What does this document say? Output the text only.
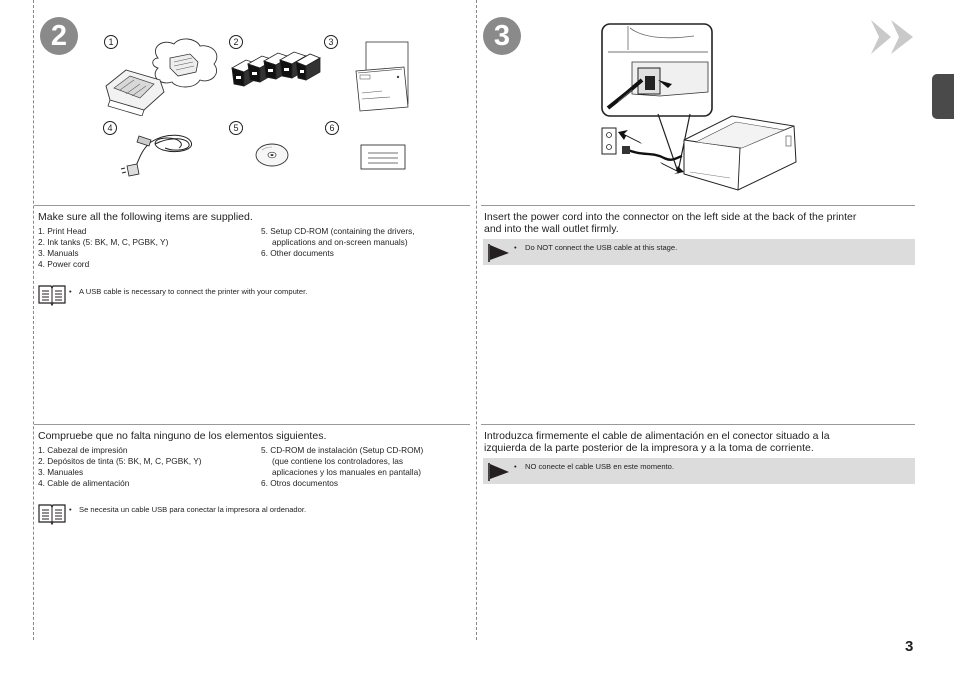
2	1	2	3
4	5	6
Make sure all the following items are supplied.
1. Print Head
2. Ink tanks (5: BK, M, C, PGBK, Y)
3. Manuals
4. Power cord
5. Setup CD-ROM (containing the drivers,
applications and on-screen manuals)
6. Other documents
• A USB cable is necessary to connect the printer with your computer.
Compruebe que no falta ninguno de los elementos siguientes.
1. Cabezal de impresión
2. Depósitos de tinta (5: BK, M, C, PGBK, Y)
3. Manuales
4. Cable de alimentación
5. CD-ROM de instalación (Setup CD-ROM)
(que contiene los controladores, las
aplicaciones y los manuales en pantalla)
6. Otros documentos
• Se necesita un cable USB para conectar la impresora al ordenador.
3
Insert the power cord into the connector on the left side at the back of the printer
and into the wall outlet firmly.
• Do NOT connect the USB cable at this stage.
Introduzca firmemente el cable de alimentación en el conector situado a la
izquierda de la parte posterior de la impresora y a la toma de corriente.
• NO conecte el cable USB en este momento.
3
